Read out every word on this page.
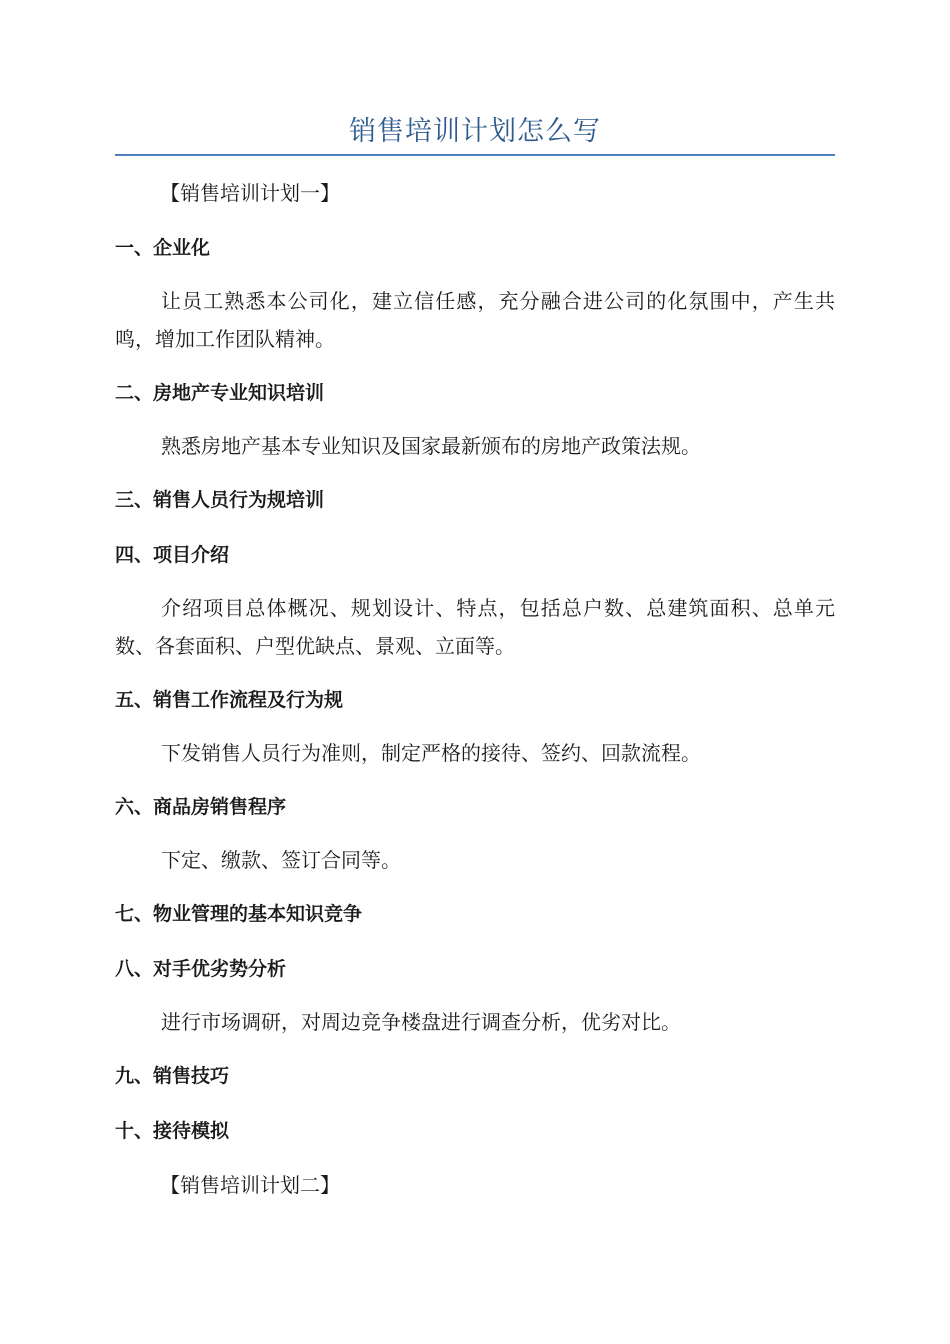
销售培训计划怎么写

【销售培训计划一】

一、企业化

让员工熟悉本公司化，建立信任感，充分融合进公司的化氛围中，产生共鸣，增加工作团队精神。

二、房地产专业知识培训

熟悉房地产基本专业知识及国家最新颁布的房地产政策法规。

三、销售人员行为规培训

四、项目介绍

介绍项目总体概况、规划设计、特点，包括总户数、总建筑面积、总单元数、各套面积、户型优缺点、景观、立面等。

五、销售工作流程及行为规

下发销售人员行为准则，制定严格的接待、签约、回款流程。

六、商品房销售程序

下定、缴款、签订合同等。

七、物业管理的基本知识竞争

八、对手优劣势分析

进行市场调研，对周边竞争楼盘进行调查分析，优劣对比。

九、销售技巧

十、接待模拟

【销售培训计划二】
